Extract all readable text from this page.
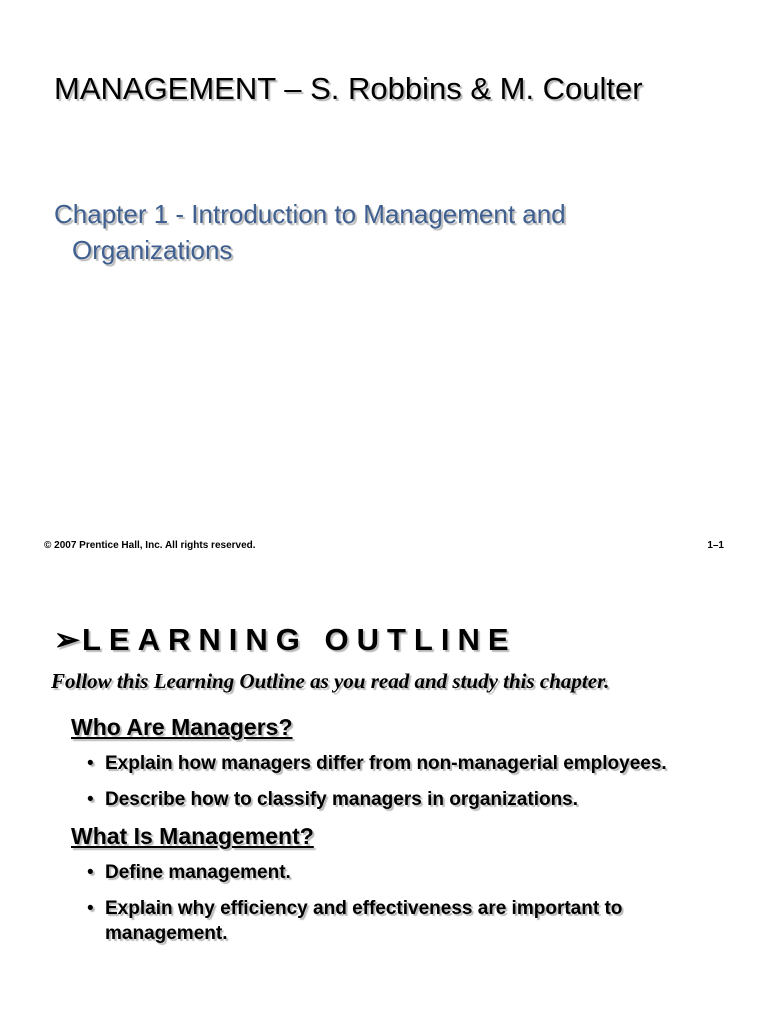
MANAGEMENT – S. Robbins & M. Coulter
Chapter 1 - Introduction to Management and Organizations
© 2007 Prentice Hall, Inc. All rights reserved.	1–1
➢LEARNING OUTLINE

Follow this Learning Outline as you read and study this chapter.

Who Are Managers?
• Explain how managers differ from non-managerial employees.
• Describe how to classify managers in organizations.
What Is Management?
• Define management.
• Explain why efficiency and effectiveness are important to management.
